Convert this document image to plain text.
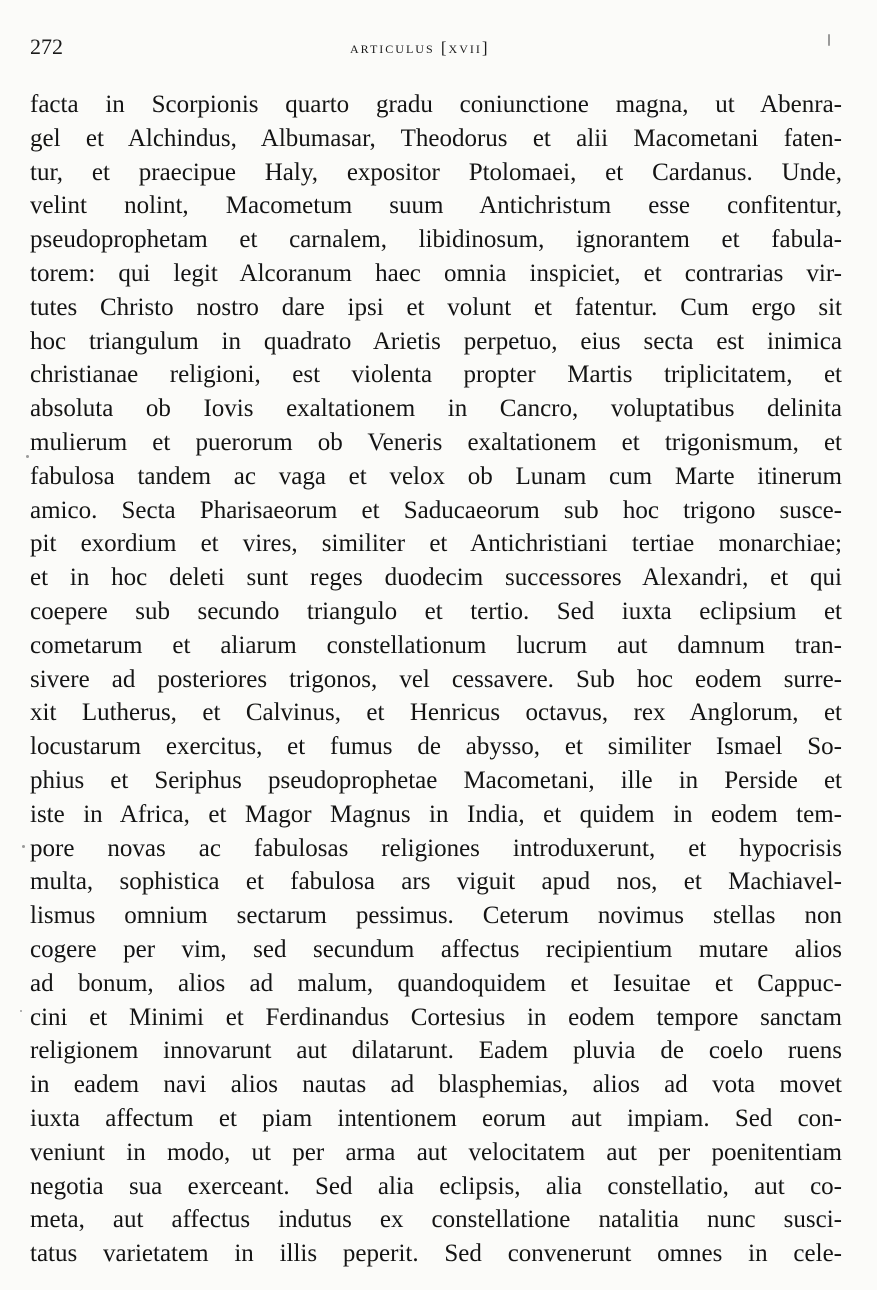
272	articulus [xvii]
facta in Scorpionis quarto gradu coniunctione magna, ut Abenra-
gel et Alchindus, Albumasar, Theodorus et alii Macometani faten-
tur, et praecipue Haly, expositor Ptolomaei, et Cardanus. Unde,
velint nolint, Macometum suum Antichristum esse confitentur,
pseudoprophetam et carnalem, libidinosum, ignorantem et fabula-
torem: qui legit Alcoranum haec omnia inspiciet, et contrarias vir-
tutes Christo nostro dare ipsi et volunt et fatentur. Cum ergo sit
hoc triangulum in quadrato Arietis perpetuo, eius secta est inimica
christianae religioni, est violenta propter Martis triplicitatem, et
absoluta ob Iovis exaltationem in Cancro, voluptatibus delinita
mulierum et puerorum ob Veneris exaltationem et trigonismum, et
fabulosa tandem ac vaga et velox ob Lunam cum Marte itinerum
amico. Secta Pharisaeorum et Saducaeorum sub hoc trigono susce-
pit exordium et vires, similiter et Antichristiani tertiae monarchiae;
et in hoc deleti sunt reges duodecim successores Alexandri, et qui
coepere sub secundo triangulo et tertio. Sed iuxta eclipsium et
cometarum et aliarum constellationum lucrum aut damnum tran-
sivere ad posteriores trigonos, vel cessavere. Sub hoc eodem surre-
xit Lutherus, et Calvinus, et Henricus octavus, rex Anglorum, et
locustarum exercitus, et fumus de abysso, et similiter Ismael So-
phius et Seriphus pseudoprophetae Macometani, ille in Perside et
iste in Africa, et Magor Magnus in India, et quidem in eodem tem-
pore novas ac fabulosas religiones introduxerunt, et hypocrisis
multa, sophistica et fabulosa ars viguit apud nos, et Machiavel-
lismus omnium sectarum pessimus. Ceterum novimus stellas non
cogere per vim, sed secundum affectus recipientium mutare alios
ad bonum, alios ad malum, quandoquidem et Iesuitae et Cappuc-
cini et Minimi et Ferdinandus Cortesius in eodem tempore sanctam
religionem innovarunt aut dilatarunt. Eadem pluvia de coelo ruens
in eadem navi alios nautas ad blasphemias, alios ad vota movet
iuxta affectum et piam intentionem eorum aut impiam. Sed con-
veniunt in modo, ut per arma aut velocitatem aut per poenitentiam
negotia sua exerceant. Sed alia eclipsis, alia constellatio, aut co-
meta, aut affectus indutus ex constellatione natalitia nunc susci-
tatus varietatem in illis peperit. Sed convenerunt omnes in cele-
